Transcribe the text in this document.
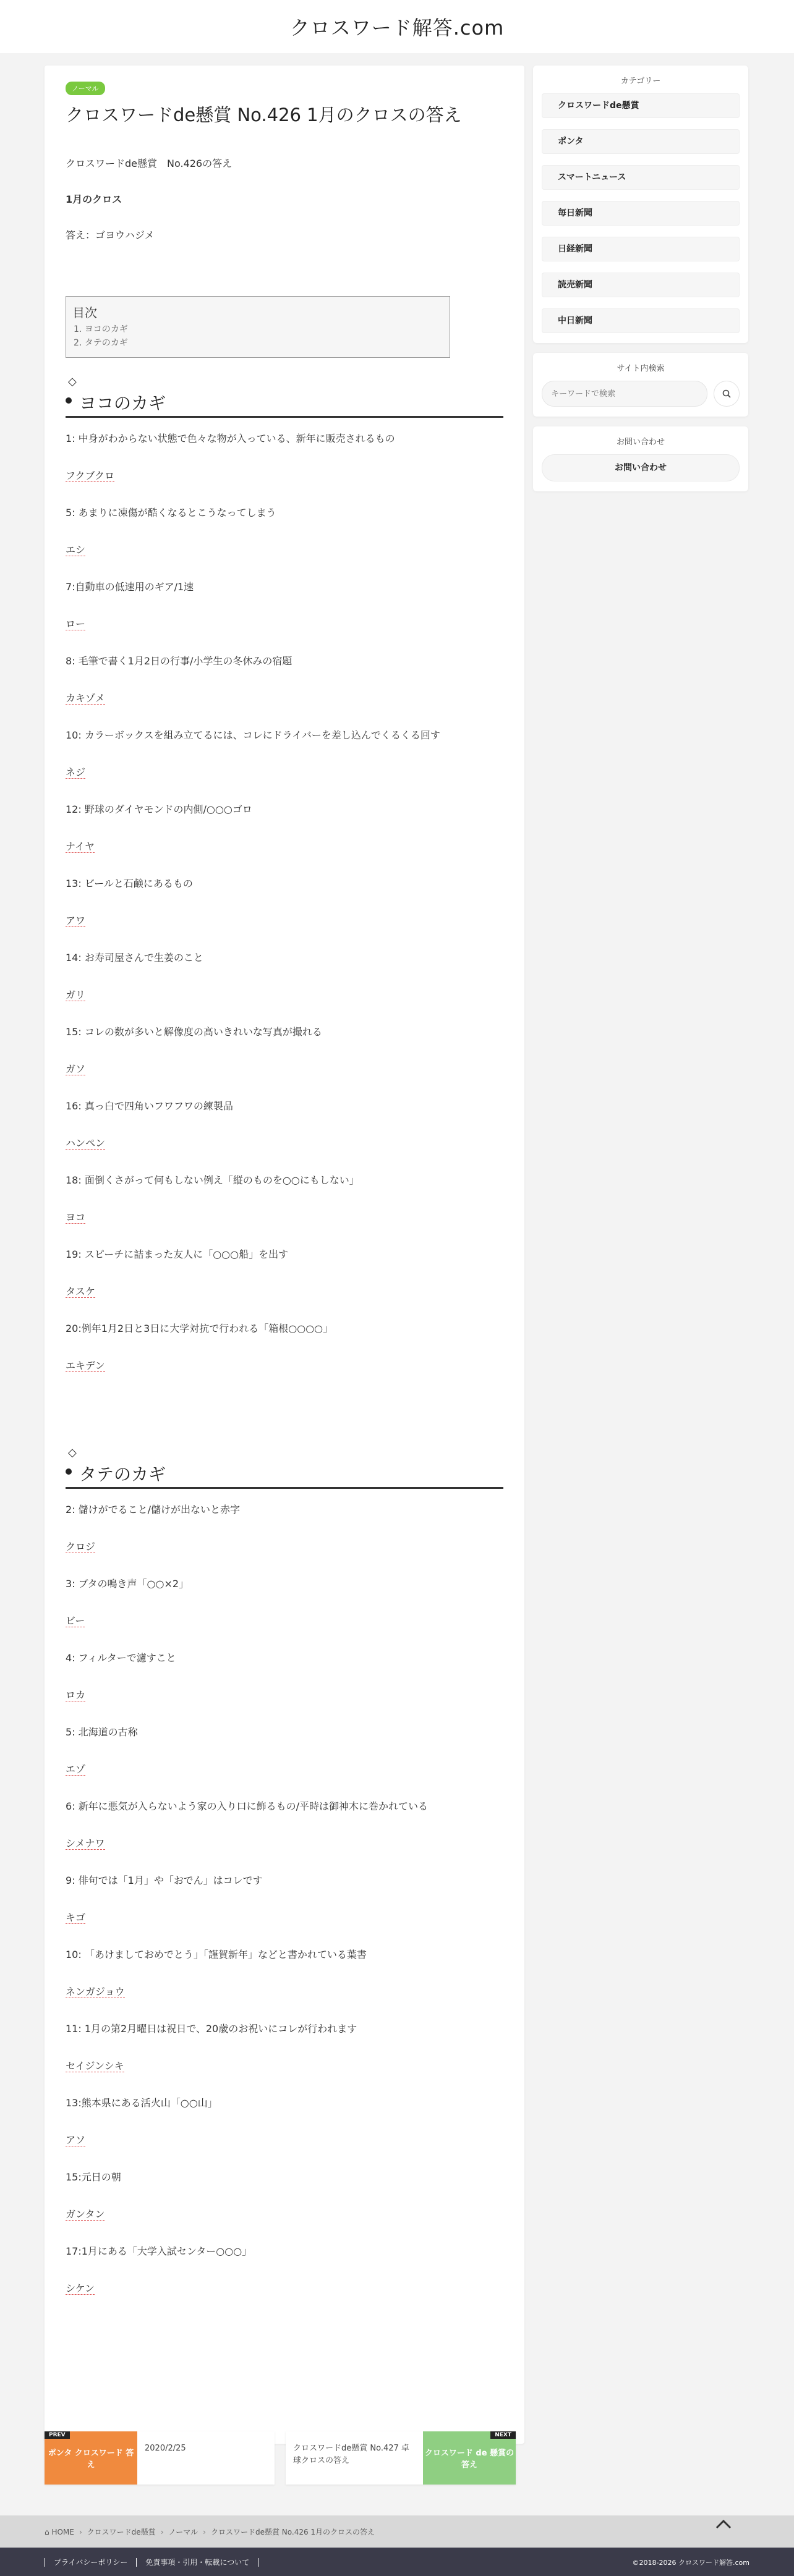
クロスワード解答.com
ノーマル
クロスワードde懸賞 No.426 1月のクロスの答え

クロスワードde懸賞　No.426の答え

1月のクロス

答え：ゴヨウハジメ

目次
1. ヨコのカギ
2. タテのカギ
◇
ヨコのカギ

1: 中身がわからない状態で色々な物が入っている、新年に販売されるもの

フクブクロ

5: あまりに凍傷が酷くなるとこうなってしまう

エシ

7:自動車の低速用のギア/1速

ロー

8: 毛筆で書く1月2日の行事/小学生の冬休みの宿題

カキゾメ

10: カラーボックスを組み立てるには、コレにドライバーを差し込んでくるくる回す

ネジ

12: 野球のダイヤモンドの内側/○○○ゴロ

ナイヤ

13: ビールと石鹸にあるもの

アワ

14: お寿司屋さんで生姜のこと

ガリ

15: コレの数が多いと解像度の高いきれいな写真が撮れる

ガソ

16: 真っ白で四角いフワフワの練製品

ハンペン

18: 面倒くさがって何もしない例え「縦のものを○○にもしない」

ヨコ

19: スピーチに詰まった友人に「○○○船」を出す

タスケ

20:例年1月2日と3日に大学対抗で行われる「箱根○○○○」

エキデン

◇
タテのカギ

2: 儲けがでること/儲けが出ないと赤字

クロジ

3: ブタの鳴き声「○○×2」

ビー

4: フィルターで濾すこと

ロカ

5: 北海道の古称

エゾ

6: 新年に悪気が入らないよう家の入り口に飾るもの/平時は御神木に巻かれている

シメナワ

9: 俳句では「1月」や「おでん」はコレです

キゴ

10: 「あけましておめでとう」「謹賀新年」などと書かれている葉書

ネンガジョウ

11: 1月の第2月曜日は祝日で、20歳のお祝いにコレが行われます

セイジンシキ

13:熊本県にある活火山「○○山」

アソ

15:元日の朝

ガンタン

17:1月にある「大学入試センター○○○」

シケン

カテゴリー
クロスワードde懸賞
ポンタ
スマートニュース
毎日新聞
日経新聞
読売新聞
中日新聞
サイト内検索
キーワードで検索
お問い合わせ
お問い合わせ
PREV
ポンタ クロスワード 答え
2020/2/25	クロスワードde懸賞 No.427 卓球クロスの答え
NEXT
クロスワード de 懸賞の答え
⌂ HOME › クロスワードde懸賞 › ノーマル › クロスワードde懸賞 No.426 1月のクロスの答え
プライバシーポリシー 免責事項・引用・転載について	©2018-2026 クロスワード解答.com
